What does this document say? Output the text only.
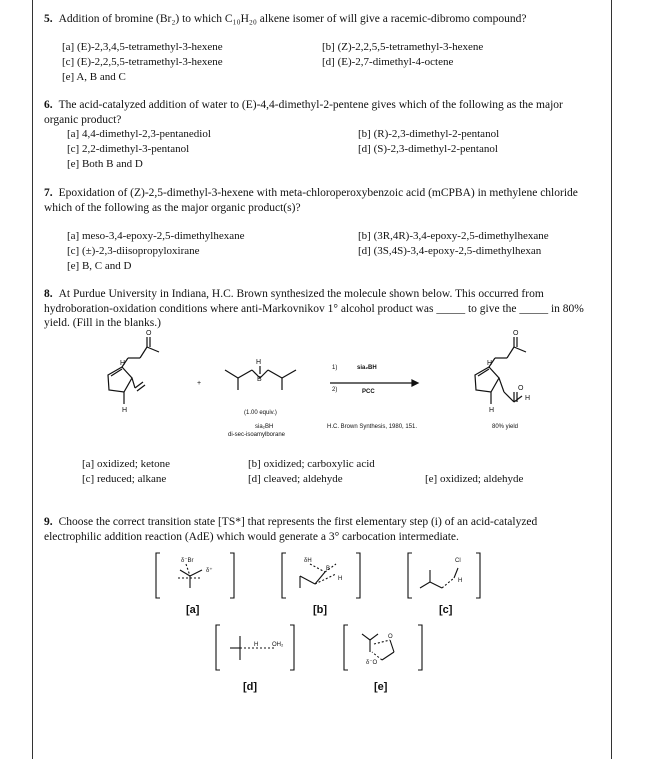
5. Addition of bromine (Br₂) to which C₁₀H₂₀ alkene isomer of will give a racemic-dibromo compound?
[a] (E)-2,3,4,5-tetramethyl-3-hexene	[b] (Z)-2,2,5,5-tetramethyl-3-hexene
[c] (E)-2,2,5,5-tetramethyl-3-hexene	[d] (E)-2,7-dimethyl-4-octene
[e] A, B and C
6. The acid-catalyzed addition of water to (E)-4,4-dimethyl-2-pentene gives which of the following as the major organic product?
[a] 4,4-dimethyl-2,3-pentanediol	[b] (R)-2,3-dimethyl-2-pentanol
[c] 2,2-dimethyl-3-pentanol	[d] (S)-2,3-dimethyl-2-pentanol
[e] Both B and D
7. Epoxidation of (Z)-2,5-dimethyl-3-hexene with meta-chloroperoxybenzoic acid (mCPBA) in methylene chloride which of the following as the major organic product(s)?
[a] meso-3,4-epoxy-2,5-dimethylhexane	[b] (3R,4R)-3,4-epoxy-2,5-dimethylhexane
[c] (±)-2,3-diisopropyloxirane	[d] (3S,4S)-3,4-epoxy-2,5-dimethylhexan
[e] B, C and D
8. At Purdue University in Indiana, H.C. Brown synthesized the molecule shown below. This occurred from hydroboration-oxidation conditions where anti-Markovnikov 1° alcohol product was _____ to give the _____ in 80% yield. (Fill in the blanks.)
O
H
H
+
H
B
O
O
H
H
H
1)	sia₂BH
2)	PCC
(1.00 equiv.)
sia₂BH
di-sec-isoamylborane
H.C. Brown Synthesis, 1980, 151.	80% yield
[a] oxidized; ketone	[b] oxidized; carboxylic acid
[c] reduced; alkane	[d] cleaved; aldehyde	[e] oxidized; aldehyde
9. Choose the correct transition state [TS*] that represents the first elementary step (i) of an acid-catalyzed electrophilic addition reaction (AdE) which would generate a 3° carbocation intermediate.
δ⁻Br
δ⁺
δH
B
H
Cl
H
H OH₂
O
δ⁻O
[a]	[b]	[c]
[d]	[e]
